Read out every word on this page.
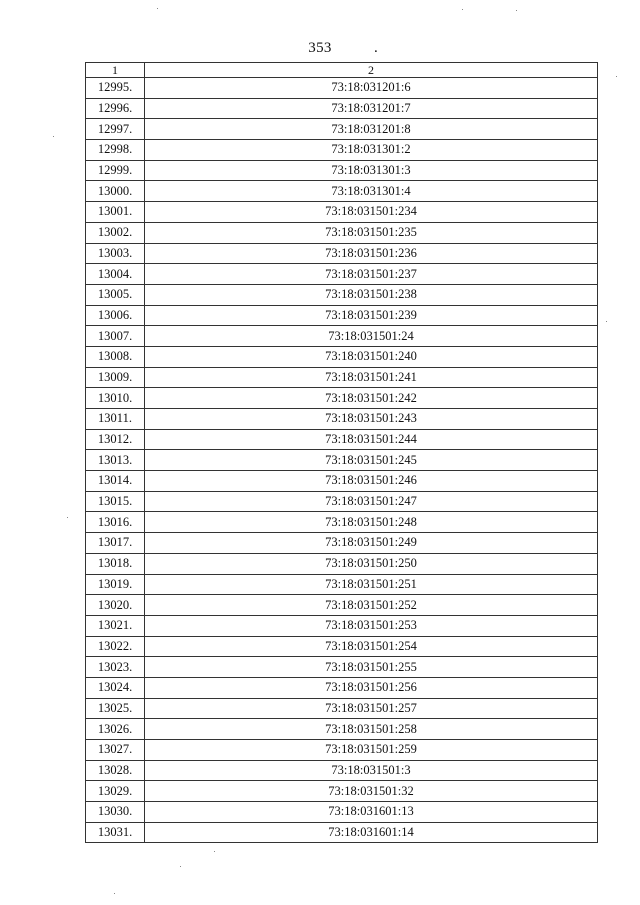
353	.
1	2
12995.	73:18:031201:6
12996.	73:18:031201:7
12997.	73:18:031201:8
12998.	73:18:031301:2
12999.	73:18:031301:3
13000.	73:18:031301:4
13001.	73:18:031501:234
13002.	73:18:031501:235
13003.	73:18:031501:236
13004.	73:18:031501:237
13005.	73:18:031501:238
13006.	73:18:031501:239
13007.	73:18:031501:24
13008.	73:18:031501:240
13009.	73:18:031501:241
13010.	73:18:031501:242
13011.	73:18:031501:243
13012.	73:18:031501:244
13013.	73:18:031501:245
13014.	73:18:031501:246
13015.	73:18:031501:247
13016.	73:18:031501:248
13017.	73:18:031501:249
13018.	73:18:031501:250
13019.	73:18:031501:251
13020.	73:18:031501:252
13021.	73:18:031501:253
13022.	73:18:031501:254
13023.	73:18:031501:255
13024.	73:18:031501:256
13025.	73:18:031501:257
13026.	73:18:031501:258
13027.	73:18:031501:259
13028.	73:18:031501:3
13029.	73:18:031501:32
13030.	73:18:031601:13
13031.	73:18:031601:14
